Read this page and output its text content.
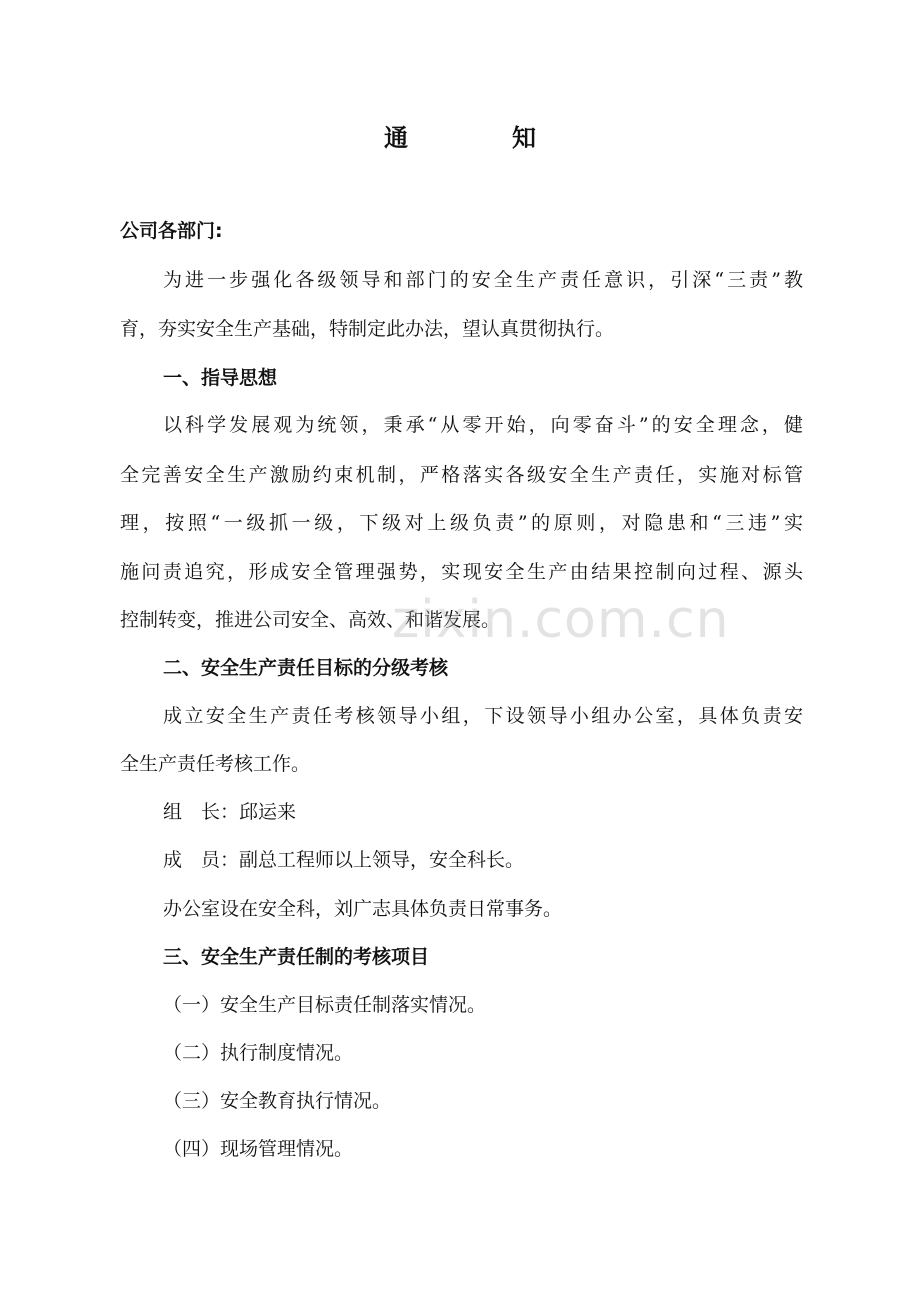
通　知
公司各部门:
为进一步强化各级领导和部门的安全生产责任意识，引深“三责”教
育，夯实安全生产基础，特制定此办法，望认真贯彻执行。
一、指导思想
以科学发展观为统领，秉承“从零开始，向零奋斗”的安全理念，健
全完善安全生产激励约束机制，严格落实各级安全生产责任，实施对标管
理，按照“一级抓一级，下级对上级负责”的原则，对隐患和“三违”实
施问责追究，形成安全管理强势，实现安全生产由结果控制向过程、源头
控制转变，推进公司安全、高效、和谐发展。
二、安全生产责任目标的分级考核
成立安全生产责任考核领导小组，下设领导小组办公室，具体负责安
全生产责任考核工作。
组　长：邱运来
成　员：副总工程师以上领导，安全科长。
办公室设在安全科，刘广志具体负责日常事务。
三、安全生产责任制的考核项目
（一）安全生产目标责任制落实情况。
（二）执行制度情况。
（三）安全教育执行情况。
（四）现场管理情况。
zixin.com.cn
